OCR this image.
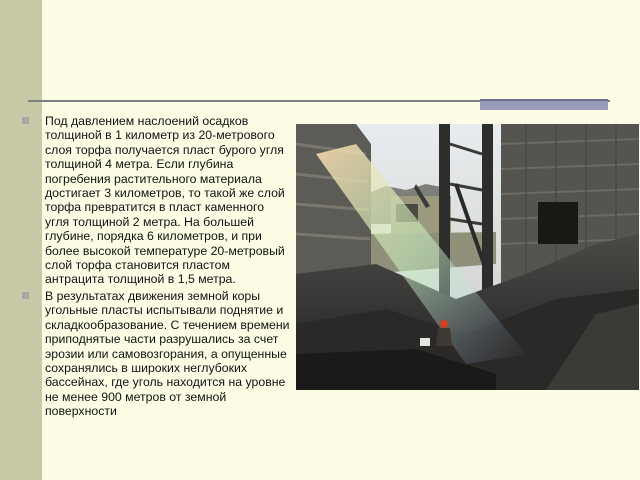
Под давлением наслоений осадков толщиной в 1 километр из 20-метрового слоя торфа получается пласт бурого угля толщиной 4 метра. Если глубина погребения растительного материала достигает 3 километров, то такой же слой торфа превратится в пласт каменного угля толщиной 2 метра. На большей глубине, порядка 6 километров, и при более высокой температуре 20-метровый слой торфа становится пластом антрацита толщиной в 1,5 метра.
В результатах движения земной коры угольные пласты испытывали поднятие и складкообразование. С течением времени приподнятые части разрушались за счет эрозии или самовозгорания, а опущенные сохранялись в широких неглубоких бассейнах, где уголь находится на уровне не менее 900 метров от земной поверхности
